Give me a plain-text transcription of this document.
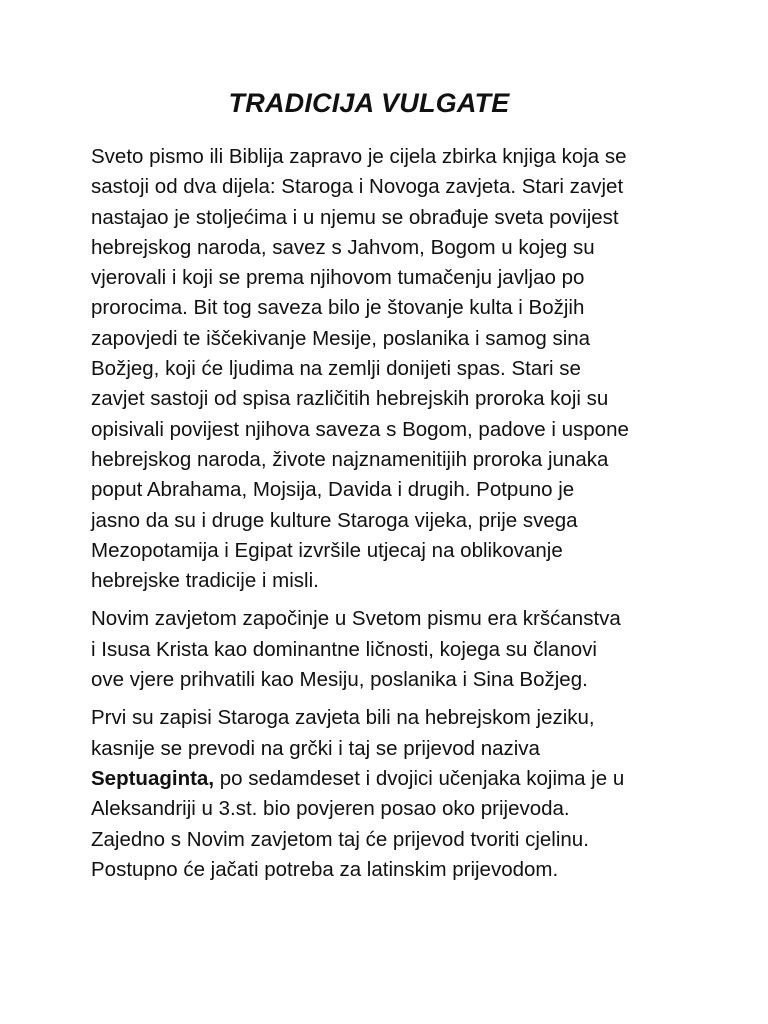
TRADICIJA VULGATE

Sveto pismo ili Biblija zapravo je cijela zbirka knjiga koja se
sastoji od dva dijela: Staroga i Novoga zavjeta. Stari zavjet
nastajao je stoljećima i u njemu se obrađuje sveta povijest
hebrejskog naroda, savez s Jahvom, Bogom u kojeg su
vjerovali i koji se prema njihovom tumačenju javljao po
prorocima. Bit tog saveza bilo je štovanje kulta i Božjih
zapovjedi te iščekivanje Mesije, poslanika i samog sina
Božjeg, koji će ljudima na zemlji donijeti spas. Stari se
zavjet sastoji od spisa različitih hebrejskih proroka koji su
opisivali povijest njihova saveza s Bogom, padove i uspone
hebrejskog naroda, živote najznamenitijih proroka junaka
poput Abrahama, Mojsija, Davida i drugih. Potpuno je
jasno da su i druge kulture Staroga vijeka, prije svega
Mezopotamija i Egipat izvršile utjecaj na oblikovanje
hebrejske tradicije i misli.

Novim zavjetom započinje u Svetom pismu era kršćanstva
i Isusa Krista kao dominantne ličnosti, kojega su članovi
ove vjere prihvatili kao Mesiju, poslanika i Sina Božjeg.

Prvi su zapisi Staroga zavjeta bili na hebrejskom jeziku,
kasnije se prevodi na grčki i taj se prijevod naziva
Septuaginta, po sedamdeset i dvojici učenjaka kojima je u
Aleksandriji u 3.st. bio povjeren posao oko prijevoda.
Zajedno s Novim zavjetom taj će prijevod tvoriti cjelinu.
Postupno će jačati potreba za latinskim prijevodom.
